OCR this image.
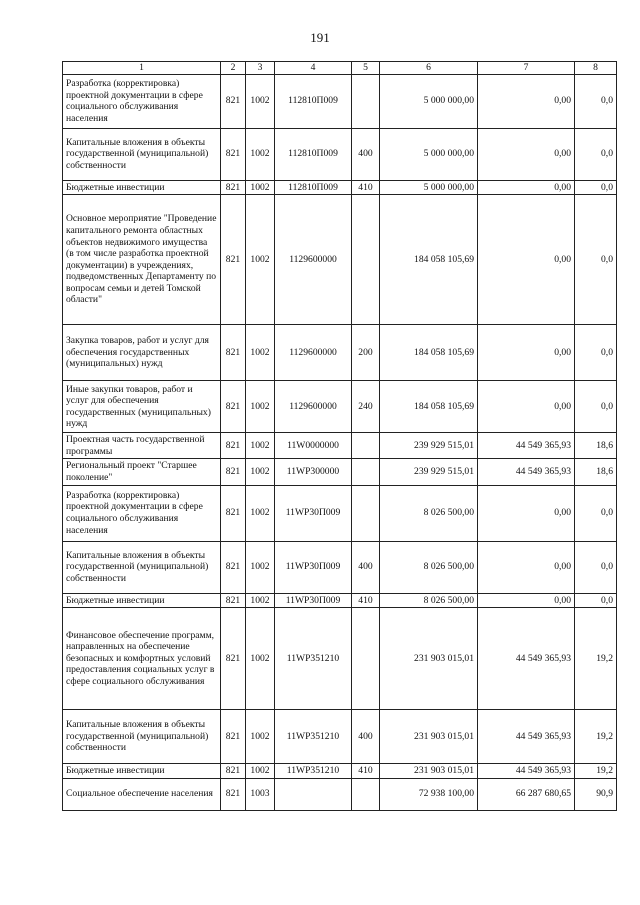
191
1	2	3	4	5	6	7	8
Разработка (корректировка) проектной документации в сфере социального обслуживания населения	821	1002	112810П009		5 000 000,00	0,00	0,0
Капитальные вложения в объекты государственной (муниципальной) собственности	821	1002	112810П009	400	5 000 000,00	0,00	0,0
Бюджетные инвестиции	821	1002	112810П009	410	5 000 000,00	0,00	0,0
Основное мероприятие "Проведение капитального ремонта областных объектов недвижимого имущества (в том числе разработка проектной документации) в учреждениях, подведомственных Департаменту по вопросам семьи и детей Томской области"	821	1002	1129600000		184 058 105,69	0,00	0,0
Закупка товаров, работ и услуг для обеспечения государственных (муниципальных) нужд	821	1002	1129600000	200	184 058 105,69	0,00	0,0
Иные закупки товаров, работ и услуг для обеспечения государственных (муниципальных) нужд	821	1002	1129600000	240	184 058 105,69	0,00	0,0
Проектная часть государственной программы	821	1002	11W0000000		239 929 515,01	44 549 365,93	18,6
Региональный проект "Старшее поколение"	821	1002	11WP300000		239 929 515,01	44 549 365,93	18,6
Разработка (корректировка) проектной документации в сфере социального обслуживания населения	821	1002	11WP30П009		8 026 500,00	0,00	0,0
Капитальные вложения в объекты государственной (муниципальной) собственности	821	1002	11WP30П009	400	8 026 500,00	0,00	0,0
Бюджетные инвестиции	821	1002	11WP30П009	410	8 026 500,00	0,00	0,0
Финансовое обеспечение программ, направленных на обеспечение безопасных и комфортных условий предоставления социальных услуг в сфере социального обслуживания	821	1002	11WP351210		231 903 015,01	44 549 365,93	19,2
Капитальные вложения в объекты государственной (муниципальной) собственности	821	1002	11WP351210	400	231 903 015,01	44 549 365,93	19,2
Бюджетные инвестиции	821	1002	11WP351210	410	231 903 015,01	44 549 365,93	19,2
Социальное обеспечение населения	821	1003			72 938 100,00	66 287 680,65	90,9
